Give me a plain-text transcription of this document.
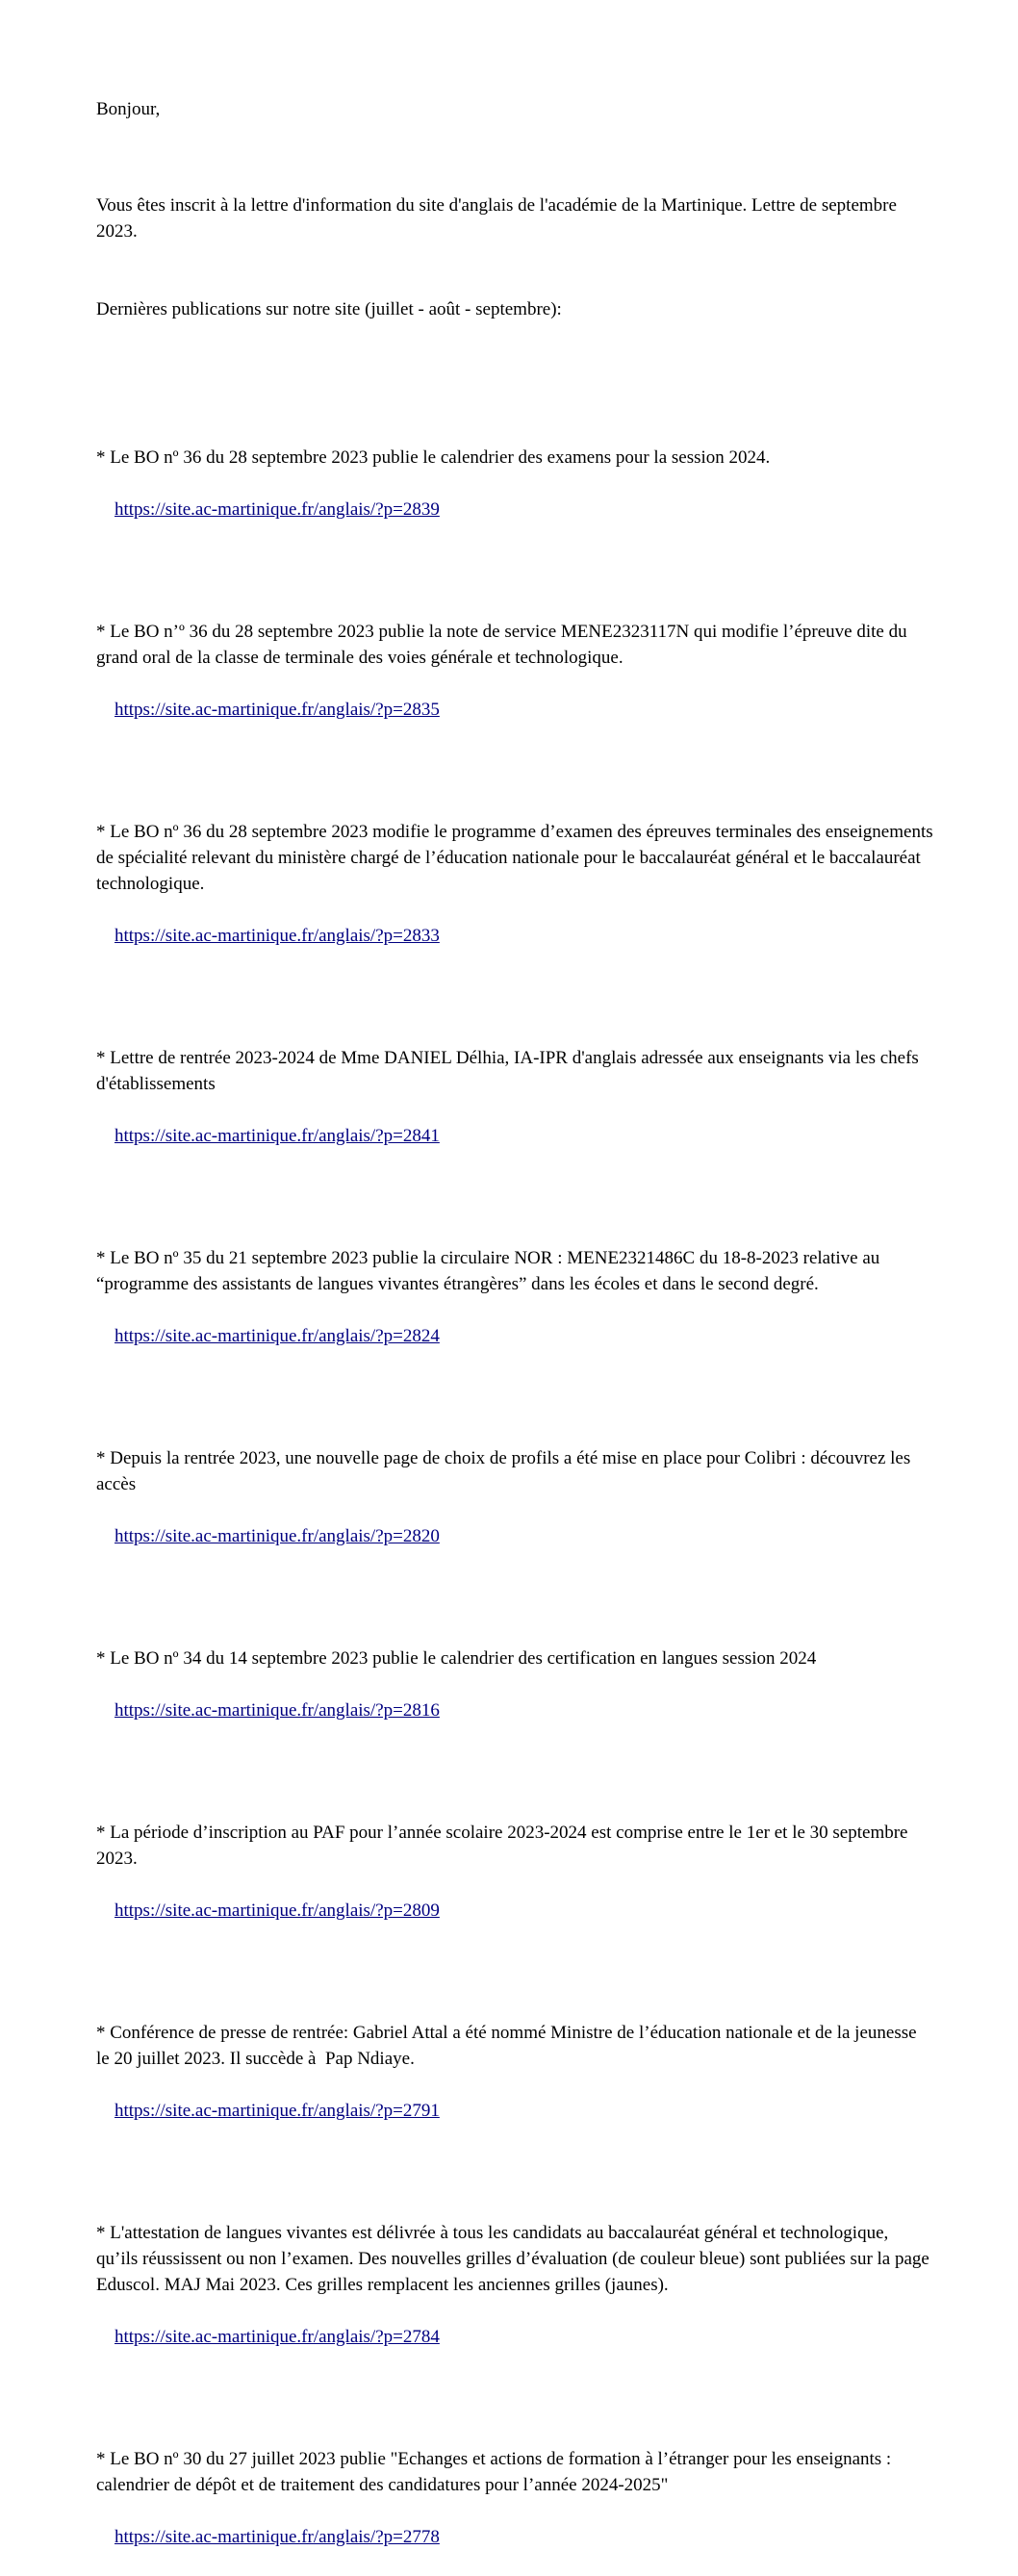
Bonjour,

Vous êtes inscrit à la lettre d'information du site d'anglais de l'académie de la Martinique. Lettre de septembre 2023.

Dernières publications sur notre site (juillet - août - septembre):

* Le BO nº 36 du 28 septembre 2023 publie le calendrier des examens pour la session 2024.

https://site.ac-martinique.fr/anglais/?p=2839

* Le BO n’º 36 du 28 septembre 2023 publie la note de service MENE2323117N qui modifie l’épreuve dite du grand oral de la classe de terminale des voies générale et technologique.

https://site.ac-martinique.fr/anglais/?p=2835

* Le BO nº 36 du 28 septembre 2023 modifie le programme d’examen des épreuves terminales des enseignements de spécialité relevant du ministère chargé de l’éducation nationale pour le baccalauréat général et le baccalauréat technologique.

https://site.ac-martinique.fr/anglais/?p=2833

* Lettre de rentrée 2023-2024 de Mme DANIEL Délhia, IA-IPR d'anglais adressée aux enseignants via les chefs d'établissements

https://site.ac-martinique.fr/anglais/?p=2841

* Le BO nº 35 du 21 septembre 2023 publie la circulaire NOR : MENE2321486C du 18-8-2023 relative au “programme des assistants de langues vivantes étrangères” dans les écoles et dans le second degré.

https://site.ac-martinique.fr/anglais/?p=2824

* Depuis la rentrée 2023, une nouvelle page de choix de profils a été mise en place pour Colibri : découvrez les accès

https://site.ac-martinique.fr/anglais/?p=2820

* Le BO nº 34 du 14 septembre 2023 publie le calendrier des certification en langues session 2024

https://site.ac-martinique.fr/anglais/?p=2816

* La période d’inscription au PAF pour l’année scolaire 2023-2024 est comprise entre le 1er et le 30 septembre 2023.

https://site.ac-martinique.fr/anglais/?p=2809

* Conférence de presse de rentrée: Gabriel Attal a été nommé Ministre de l’éducation nationale et de la jeunesse le 20 juillet 2023. Il succède à  Pap Ndiaye.

https://site.ac-martinique.fr/anglais/?p=2791

* L'attestation de langues vivantes est délivrée à tous les candidats au baccalauréat général et technologique, qu’ils réussissent ou non l’examen. Des nouvelles grilles d’évaluation (de couleur bleue) sont publiées sur la page Eduscol. MAJ Mai 2023. Ces grilles remplacent les anciennes grilles (jaunes).

https://site.ac-martinique.fr/anglais/?p=2784

* Le BO nº 30 du 27 juillet 2023 publie "Echanges et actions de formation à l’étranger pour les enseignants : calendrier de dépôt et de traitement des candidatures pour l’année 2024-2025"

https://site.ac-martinique.fr/anglais/?p=2778
